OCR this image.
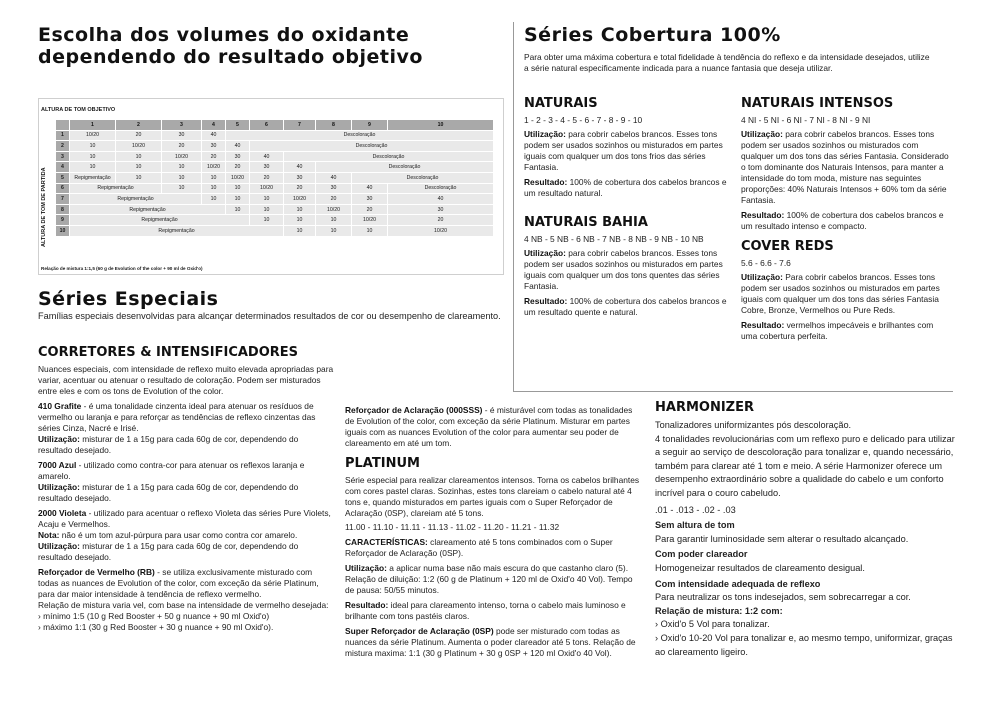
Escolha dos volumes do oxidante
dependendo do resultado objetivo
ALTURA DE TOM OBJETIVO
ALTURA DE TOM DE PARTIDA
	1	2	3	4	5	6	7	8	9	10
1	10/20	20	30	40	Descoloração					
2	10	10/20	20	30	40	Descoloração				
3	10	10	10/20	20	30	40	Descoloração			
4	10	10	10	10/20	20	30	40	Descoloração		
5	Repigmentação	10	10	10	10/20	20	30	40	Descoloração	
6	Repigmentação		10	10	10	10/20	20	30	40	Descoloração
7	Repigmentação			10	10	10	10/20	20	30	40
8	Repigmentação				10	10	10	10/20	20	30
9	Repigmentação					10	10	10	10/20	20
10	Repigmentação						10	10	10	10/20
Relação de mistura 1:1,5 (60 g de Evolution of the color + 90 ml de Oxid'o)
Séries Especiais
Famílias especiais desenvolvidas para alcançar determinados resultados de cor ou desempenho de clareamento.
CORRETORES & INTENSIFICADORES
Nuances especiais, com intensidade de reflexo muito elevada apropriadas para variar, acentuar ou atenuar o resultado de coloração. Podem ser misturados entre eles e com os tons de Evolution of the color.
410 Grafite - é uma tonalidade cinzenta ideal para atenuar os resíduos de vermelho ou laranja e para reforçar as tendências de reflexo cinzentas das séries Cinza, Nacré e Irisé.
Utilização: misturar de 1 a 15g para cada 60g de cor, dependendo do resultado desejado.
7000 Azul - utilizado como contra-cor para atenuar os reflexos laranja e amarelo.
Utilização: misturar de 1 a 15g para cada 60g de cor, dependendo do resultado desejado.
2000 Violeta - utilizado para acentuar o reflexo Violeta das séries Pure Violets, Acaju e Vermelhos.
Nota: não é um tom azul-púrpura para usar como contra cor amarelo.
Utilização: misturar de 1 a 15g para cada 60g de cor, dependendo do resultado desejado.
Reforçador de Vermelho (RB) - se utiliza exclusivamente misturado com todas as nuances de Evolution of the color, com exceção da série Platinum, para dar maior intensidade à tendência de reflexo vermelho.
Relação de mistura varia vel, com base na intensidade de vermelho desejada:
› mínimo 1:5 (10 g Red Booster + 50 g nuance + 90 ml Oxid'o)
› máximo 1:1 (30 g Red Booster + 30 g nuance + 90 ml Oxid'o).
Reforçador de Aclaração (000SSS) - é misturável com todas as tonalidades de Evolution of the color, com exceção da série Platinum. Misturar em partes iguais com as nuances Evolution of the color para aumentar seu poder de clareamento em até um tom.
PLATINUM
Série especial para realizar clareamentos intensos. Torna os cabelos brilhantes com cores pastel claras. Sozinhas, estes tons clareiam o cabelo natural até 4 tons e, quando misturados em partes iguais com o Super Reforçador de Aclaração (0SP), clareiam até 5 tons.
11.00 - 11.10 - 11.11 - 11.13 - 11.02 - 11.20 - 11.21 - 11.32
CARACTERÍSTICAS: clareamento até 5 tons combinados com o Super Reforçador de Aclaração (0SP).
Utilização: a aplicar numa base não mais escura do que castanho claro (5). Relação de diluição: 1:2 (60 g de Platinum + 120 ml de Oxid'o 40 Vol). Tempo de pausa: 50/55 minutos.
Resultado: ideal para clareamento intenso, torna o cabelo mais luminoso e brilhante com tons pastéis claros.
Super Reforçador de Aclaração (0SP) pode ser misturado com todas as nuances da série Platinum. Aumenta o poder clareador até 5 tons. Relação de mistura maxima: 1:1 (30 g Platinum + 30 g 0SP + 120 ml Oxid'o 40 Vol).
Séries Cobertura 100%
Para obter uma máxima cobertura e total fidelidade à tendência do reflexo e da intensidade desejados, utilize a série natural especificamente indicada para a nuance fantasia que deseja utilizar.
NATURAIS
1 - 2 - 3 - 4 - 5 - 6 - 7 - 8 - 9 - 10
Utilização: para cobrir cabelos brancos. Esses tons podem ser usados sozinhos ou misturados em partes iguais com qualquer um dos tons frios das séries Fantasia.
Resultado: 100% de cobertura dos cabelos brancos e um resultado natural.
NATURAIS BAHIA
4 NB - 5 NB - 6 NB - 7 NB - 8 NB - 9 NB - 10 NB
Utilização: para cobrir cabelos brancos. Esses tons podem ser usados sozinhos ou misturados em partes iguais com qualquer um dos tons quentes das séries Fantasia.
Resultado: 100% de cobertura dos cabelos brancos e um resultado quente e natural.
NATURAIS INTENSOS
4 NI - 5 NI - 6 NI - 7 NI - 8 NI - 9 NI
Utilização: para cobrir cabelos brancos. Esses tons podem ser usados sozinhos ou misturados com qualquer um dos tons das séries Fantasia. Considerado o tom dominante dos Naturais Intensos, para manter a intensidade do tom moda, misture nas seguintes proporções: 40% Naturais Intensos + 60% tom da série Fantasia.
Resultado: 100% de cobertura dos cabelos brancos e um resultado intenso e compacto.
COVER REDS
5.6 - 6.6 - 7.6
Utilização: Para cobrir cabelos brancos. Esses tons podem ser usados sozinhos ou misturados em partes iguais com qualquer um dos tons das séries Fantasia Cobre, Bronze, Vermelhos ou Pure Reds.
Resultado: vermelhos impecáveis e brilhantes com uma cobertura perfeita.
HARMONIZER
Tonalizadores uniformizantes pós descoloração.
4 tonalidades revolucionárias com um reflexo puro e delicado para utilizar a seguir ao serviço de descoloração para tonalizar e, quando necessário, também para clarear até 1 tom e meio. A série Harmonizer oferece um desempenho extraordinário sobre a qualidade do cabelo e um conforto incrível para o couro cabeludo.
.01 - .013 - .02 - .03
Sem altura de tom
Para garantir luminosidade sem alterar o resultado alcançado.
Com poder clareador
Homogeneizar resultados de clareamento desigual.
Com intensidade adequada de reflexo
Para neutralizar os tons indesejados, sem sobrecarregar a cor.
Relação de mistura: 1:2 com:
› Oxid'o 5 Vol para tonalizar.
› Oxid'o 10-20 Vol para tonalizar e, ao mesmo tempo, uniformizar, graças ao clareamento ligeiro.
